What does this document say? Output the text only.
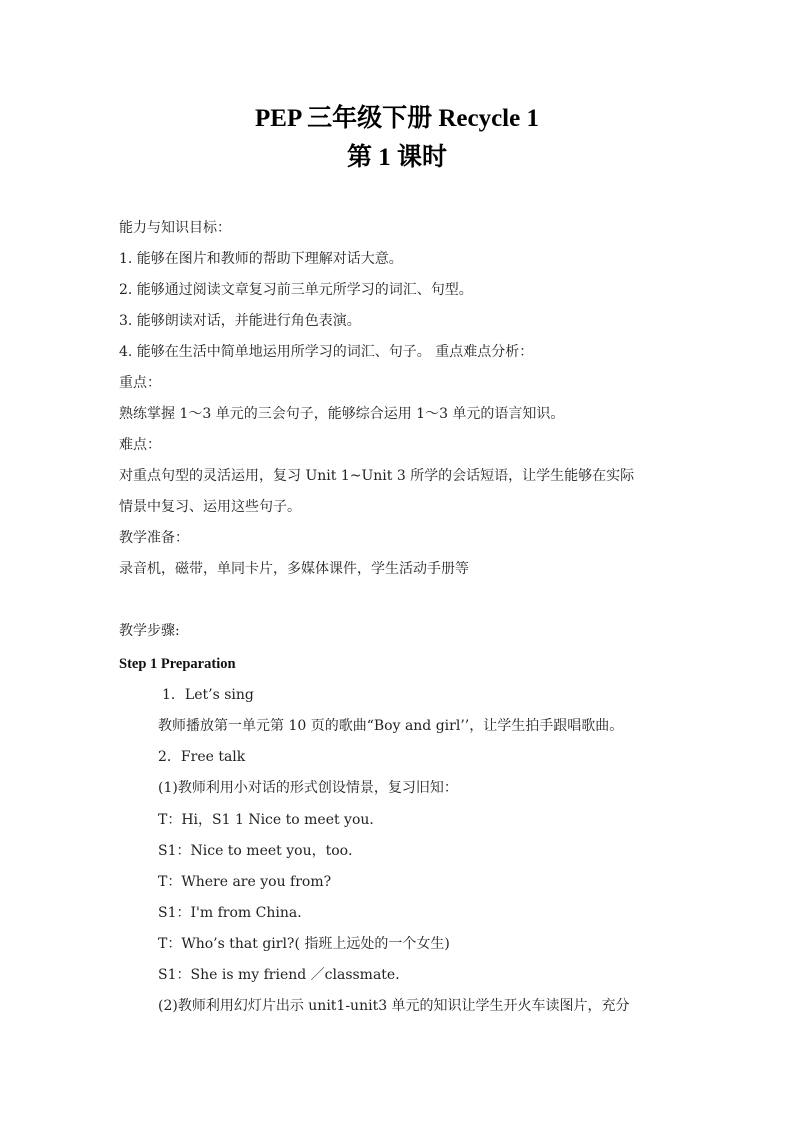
PEP 三年级下册 Recycle 1
第 1 课时
能力与知识目标：
1. 能够在图片和教师的帮助下理解对话大意。
2. 能够通过阅读文章复习前三单元所学习的词汇、句型。
3. 能够朗读对话，并能进行角色表演。
4. 能够在生活中简单地运用所学习的词汇、句子。 重点难点分析：
重点：
熟练掌握 1～3 单元的三会句子，能够综合运用 1～3 单元的语言知识。
难点：
对重点句型的灵活运用，复习 Unit 1~Unit 3 所学的会话短语，让学生能够在实际
情景中复习、运用这些句子。
教学准备：
录音机，磁带，单同卡片，多媒体课件，学生活动手册等
教学步骤:
Step 1 Preparation
1．Let’s sing
教师播放第一单元第 10 页的歌曲“Boy and girl’’，让学生拍手跟唱歌曲。
2．Free talk
(1)教师利用小对话的形式创设情景，复习旧知：
T：Hi，S1 1 Nice to meet you．
S1：Nice to meet you，too．
T：Where are you from?
S1：I'm from China．
T：Who’s that girl?( 指班上远处的一个女生)
S1：She is my friend ／classmate．
(2)教师利用幻灯片出示 unit1-unit3 单元的知识让学生开火车读图片，充分
